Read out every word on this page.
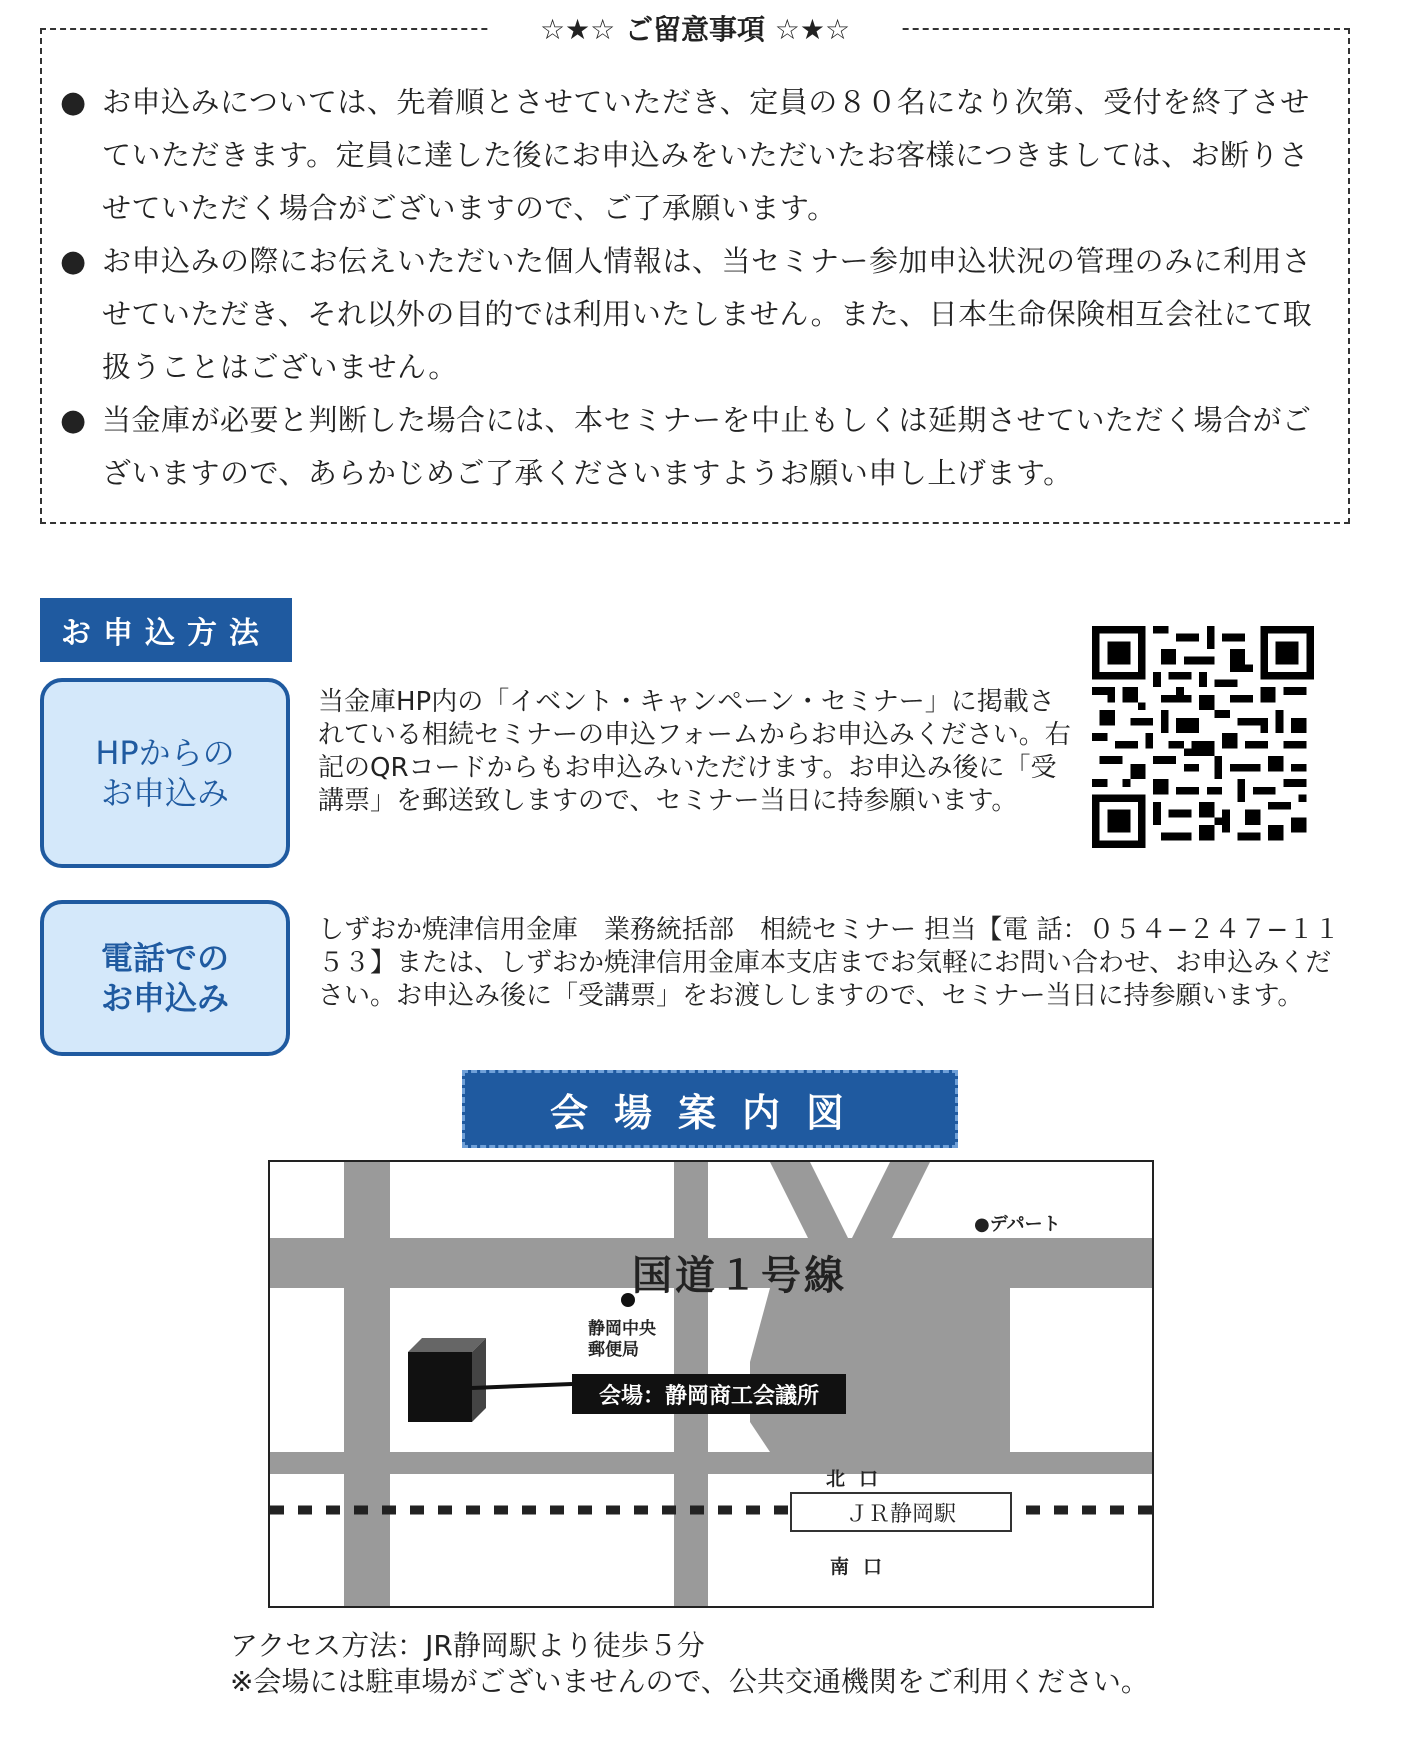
☆★☆ ご留意事項 ☆★☆
● お申込みについては、先着順とさせていただき、定員の８０名になり次第、受付を終了させていただきます。定員に達した後にお申込みをいただいたお客様につきましては、お断りさせていただく場合がございますので、ご了承願います。
● お申込みの際にお伝えいただいた個人情報は、当セミナー参加申込状況の管理のみに利用させていただき、それ以外の目的では利用いたしません。また、日本生命保険相互会社にて取扱うことはございません。
● 当金庫が必要と判断した場合には、本セミナーを中止もしくは延期させていただく場合がございますので、あらかじめご了承くださいますようお願い申し上げます。
お申込方法
HPからの
お申込み
当金庫HP内の「イベント・キャンペーン・セミナー」に掲載されている相続セミナーの申込フォームからお申込みください。右記のQRコードからもお申込みいただけます。お申込み後に「受講票」を郵送致しますので、セミナー当日に持参願います。
電話での
お申込み
しずおか焼津信用金庫　業務統括部　相続セミナー 担当【電 話：０５４−２４７−１１５３】または、しずおか焼津信用金庫本支店までお気軽にお問い合わせ、お申込みください。お申込み後に「受講票」をお渡ししますので、セミナー当日に持参願います。
会場案内図
国道１号線
●デパート
静岡中央
郵便局
会場：静岡商工会議所
北口
ＪＲ静岡駅
南口
アクセス方法：JR静岡駅より徒歩５分
※会場には駐車場がございませんので、公共交通機関をご利用ください。
